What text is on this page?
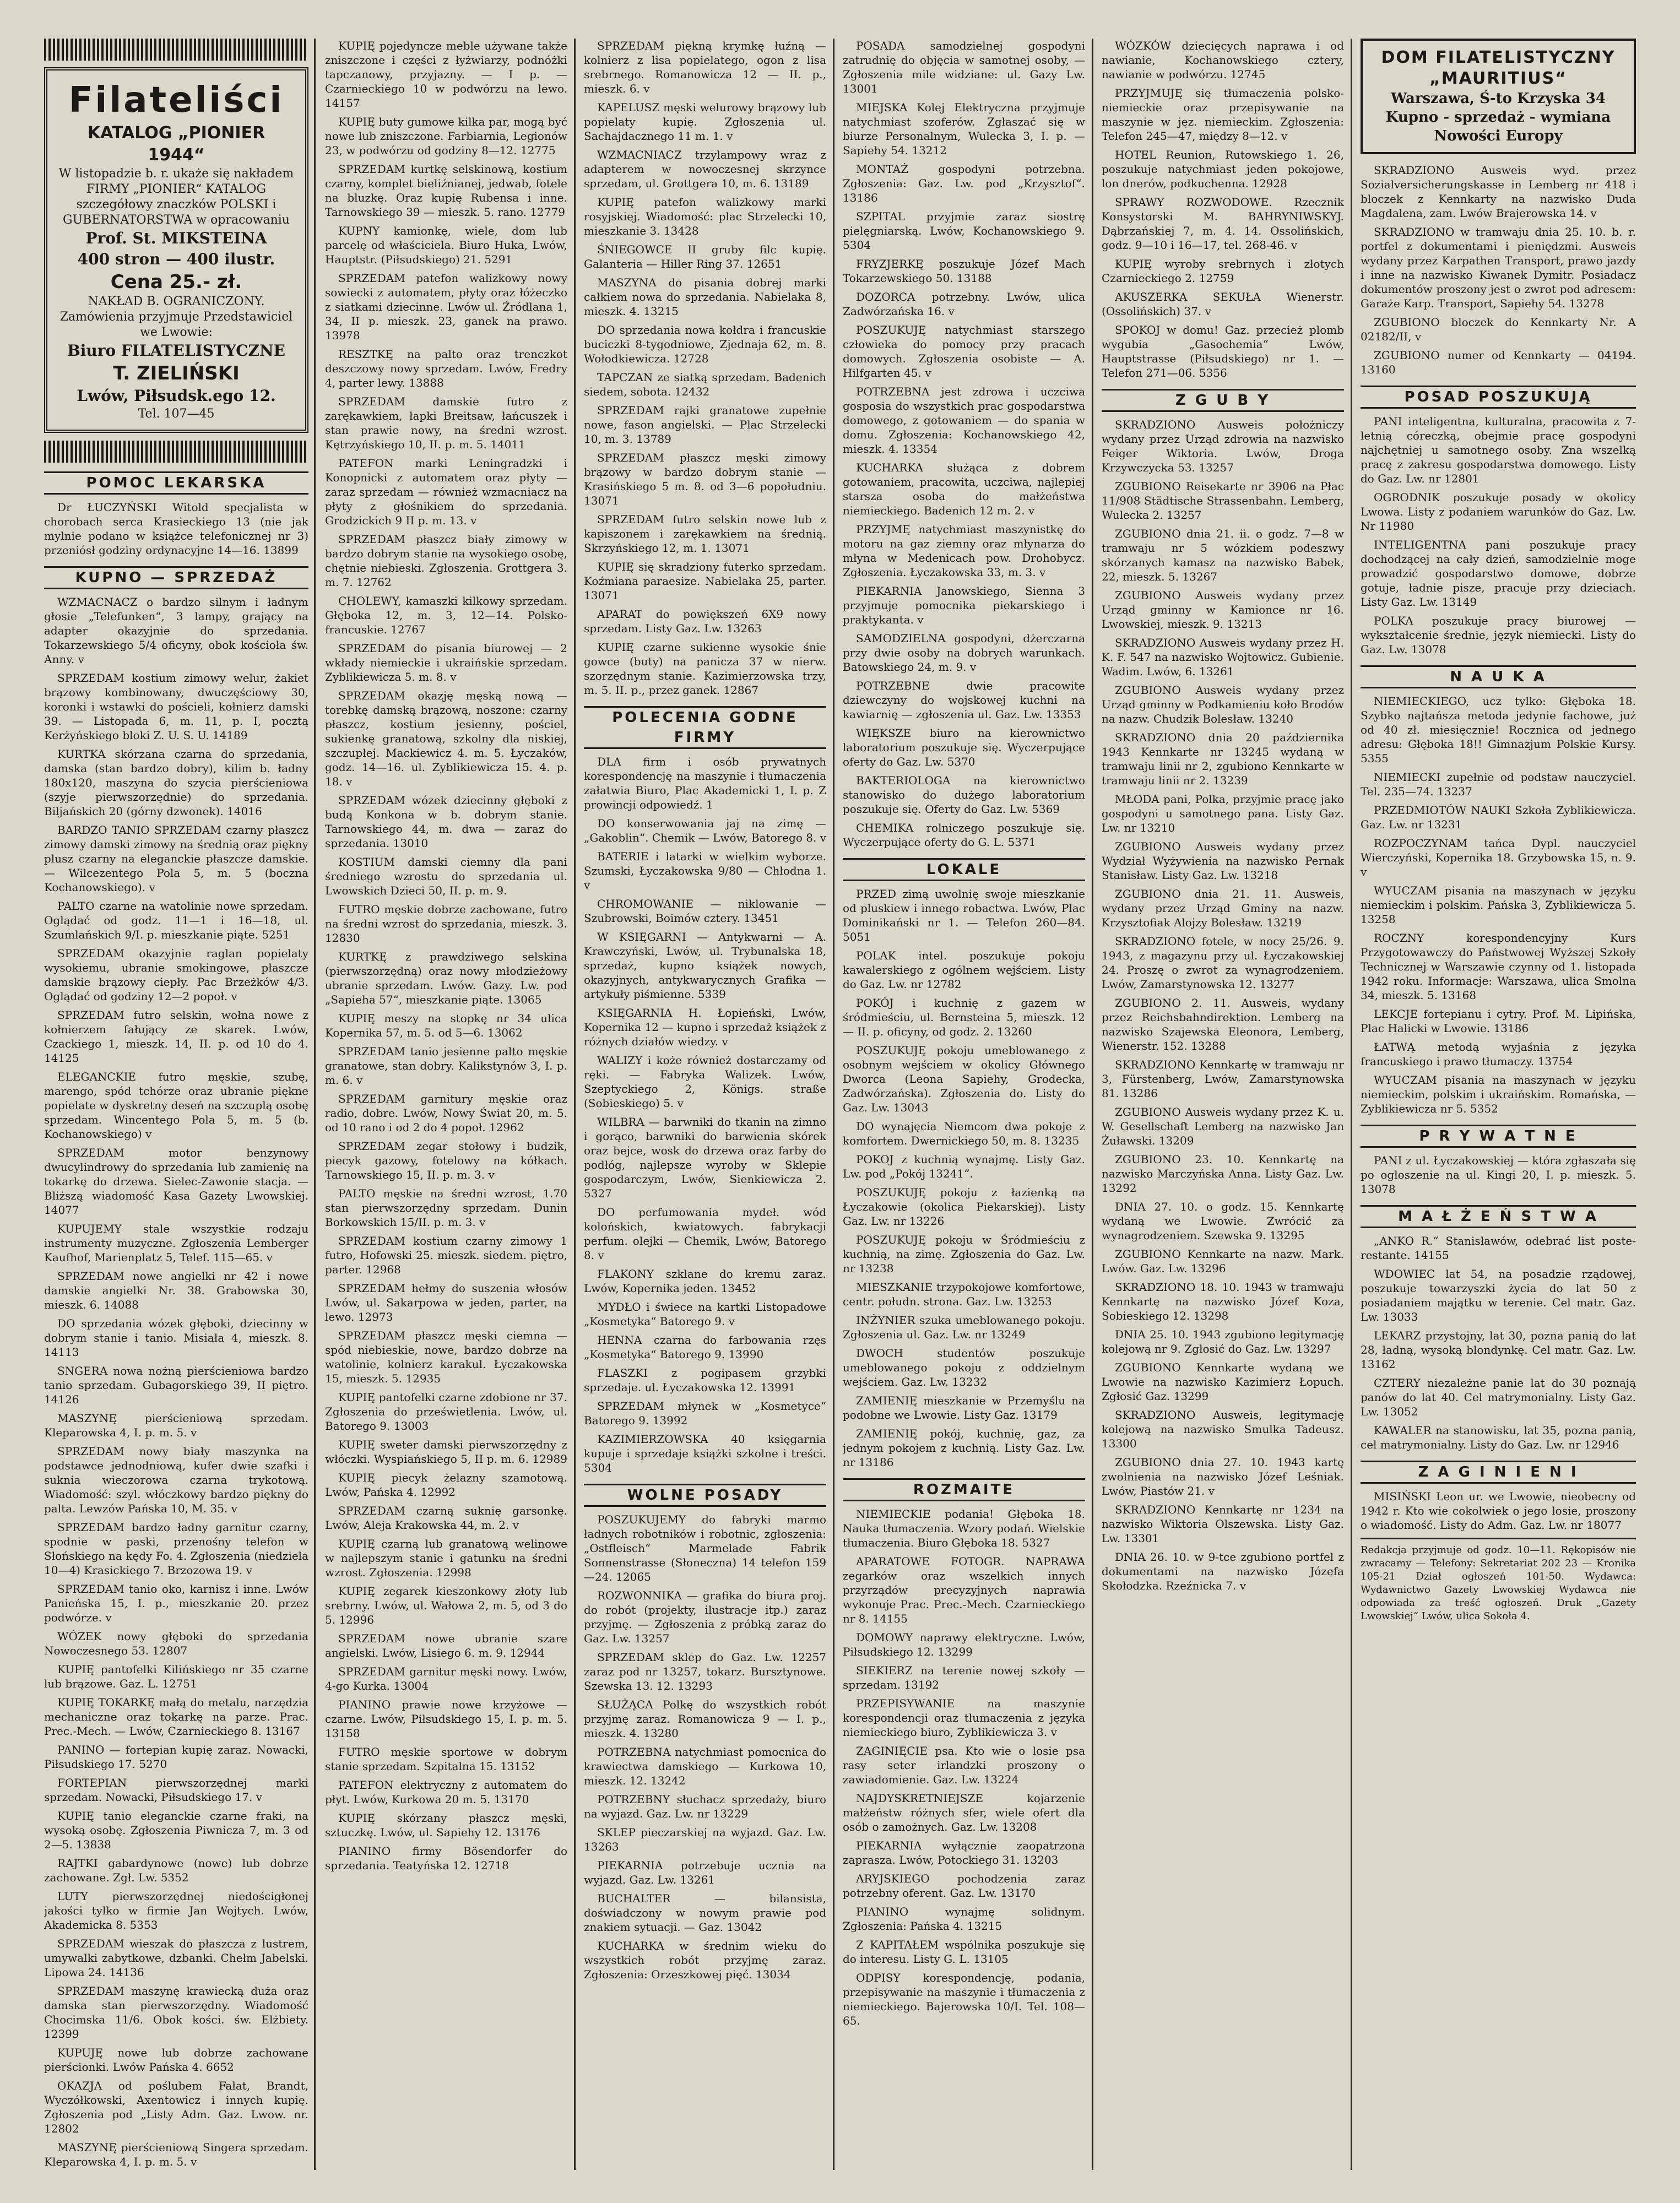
Filateliści
KATALOG „PIONIER 1944“
W listopadzie b. r. ukaże się nakładem FIRMY „PIONIER“ KATALOG szczegółowy znaczków POLSKI i GUBERNATORSTWA w opracowaniu
Prof. St. MIKSTEINA
400 stron — 400 ilustr.
Cena 25.- zł.
NAKŁAD B. OGRANICZONY. Zamówienia przyjmuje Przedstawiciel we Lwowie:
Biuro FILATELISTYCZNE
T. ZIELIŃSKI
Lwów, Piłsudsk.ego 12.
Tel. 107—45
POMOC LEKARSKA

Dr ŁUCZYŃSKI Witold specjalista w chorobach serca Krasieckiego 13 (nie jak mylnie podano w książce telefonicznej nr 3) przeniósł godziny ordynacyjne 14—16. 13899

KUPNO — SPRZEDAŻ

WZMACNACZ o bardzo silnym i ładnym głosie „Telefunken“, 3 lampy, grający na adapter okazyjnie do sprzedania. Tokarzewskiego 5/4 oficyny, obok kościoła św. Anny. v

SPRZEDAM kostium zimowy welur, żakiet brązowy kombinowany, dwuczęściowy 30, koronki i wstawki do pościeli, kołnierz damski 39. — Listopada 6, m. 11, p. I, pocztą Kerżyńskiego bloki Z. U. S. U. 14189

KURTKA skórzana czarna do sprzedania, damska (stan bardzo dobry), kilim b. ładny 180x120, maszyna do szycia pierścieniowa (szyje pierwszorzędnie) do sprzedania. Biljańskich 20 (górny dzwonek). 14016

BARDZO TANIO SPRZEDAM czarny płaszcz zimowy damski zimowy na średnią oraz piękny plusz czarny na eleganckie płaszcze damskie. — Wilcezentego Pola 5, m. 5 (boczna Kochanowskiego). v

PALTO czarne na watolinie nowe sprzedam. Oglądać od godz. 11—1 i 16—18, ul. Szumlańskich 9/I. p. mieszkanie piąte. 5251

SPRZEDAM okazyjnie raglan popielaty wysokiemu, ubranie smokingowe, płaszcze damskie brązowy ciepły. Pac Brzeżków 4/3. Oglądać od godziny 12—2 popoł. v

SPRZEDAM futro selskin, wołna nowe z kołnierzem fałujący ze skarek. Lwów, Czackiego 1, mieszk. 14, II. p. od 10 do 4. 14125

ELEGANCKIE futro męskie, szubę, marengo, spód tchórze oraz ubranie piękne popielate w dyskretny deseń na szczuplą osobę sprzedam. Wincentego Pola 5, m. 5 (b. Kochanowskiego) v

SPRZEDAM motor benzynowy dwucylindrowy do sprzedania lub zamienię na tokarkę do drzewa. Sielec-Zawonie stacja. — Bliższą wiadomość Kasa Gazety Lwowskiej. 14077

KUPUJEMY stale wszystkie rodzaju instrumenty muzyczne. Zgłoszenia Lemberger Kaufhof, Marienplatz 5, Telef. 115—65. v

SPRZEDAM nowe angielki nr 42 i nowe damskie angielki Nr. 38. Grabowska 30, mieszk. 6. 14088

DO sprzedania wózek głęboki, dziecinny w dobrym stanie i tanio. Misiała 4, mieszk. 8. 14113

SNGERA nowa nożną pierścieniowa bardzo tanio sprzedam. Gubagorskiego 39, II piętro. 14126

MASZYNĘ pierścieniową sprzedam. Kleparowska 4, I. p. m. 5. v

SPRZEDAM nowy biały maszynka na podstawce jednodniową, kufer dwie szafki i suknia wieczorowa czarna trykotową. Wiadomość: szyl. włóczkowy bardzo piękny do palta. Lewzów Pańska 10, M. 35. v

SPRZEDAM bardzo ładny garnitur czarny, spodnie w paski, przenośny telefon w Słońskiego na kędy Fo. 4. Zgłoszenia (niedziela 10—4) Krasickiego 7. Brzozowa 19. v

SPRZEDAM tanio oko, karnisz i inne. Lwów Panieńska 15, I. p., mieszkanie 20. przez podwórze. v

WÓZEK nowy głęboki do sprzedania Nowoczesnego 53. 12807

KUPIĘ pantofelki Kilińskiego nr 35 czarne lub brązowe. Gaz. L. 12751

KUPIĘ TOKARKĘ małą do metalu, narzędzia mechaniczne oraz tokarkę na parze. Prac. Prec.-Mech. — Lwów, Czarnieckiego 8. 13167

PANINO — fortepian kupię zaraz. Nowacki, Piłsudskiego 17. 5270

FORTEPIAN pierwszorzędnej marki sprzedam. Nowacki, Piłsudskiego 17. v

KUPIĘ tanio eleganckie czarne fraki, na wysoką osobę. Zgłoszenia Piwnicza 7, m. 3 od 2—5. 13838

RAJTKI gabardynowe (nowe) lub dobrze zachowane. Zgł. Lw. 5352

LUTY pierwszorzędnej niedościgłonej jakości tylko w firmie Jan Wojtych. Lwów, Akademicka 8. 5353

SPRZEDAM wieszak do płaszcza z lustrem, umywalki zabytkowe, dzbanki. Chełm Jabelski. Lipowa 24. 14136

SPRZEDAM maszynę krawiecką duża oraz damska stan pierwszorzędny. Wiadomość Chocimska 11/6. Obok kości. św. Elżbiety. 12399

KUPUJĘ nowe lub dobrze zachowane pierścionki. Lwów Pańska 4. 6652

OKAZJA od poślubem Fałat, Brandt, Wyczółkowski, Axentowicz i innych kupię. Zgłoszenia pod „Listy Adm. Gaz. Lwow. nr. 12802

MASZYNĘ pierścieniową Singera sprzedam. Kleparowska 4, I. p. m. 5. v

KUPIĘ pojedyncze meble używane także zniszczone i części z łyżwiarzy, podnóżki tapczanowy, przyjazny. — I p. — Czarnieckiego 10 w podwórzu na lewo. 14157

KUPIĘ buty gumowe kilka par, mogą być nowe lub zniszczone. Farbiarnia, Legionów 23, w podwórzu od godziny 8—12. 12775

SPRZEDAM kurtkę selskinową, kostium czarny, komplet bieliźnianej, jedwab, fotele na bluzkę. Oraz kupię Rubensa i inne. Tarnowskiego 39 — mieszk. 5. rano. 12779

KUPNY kamionkę, wiele, dom lub parcelę od właściciela. Biuro Huka, Lwów, Hauptstr. (Piłsudskiego) 21. 5291

SPRZEDAM patefon walizkowy nowy sowiecki z automatem, płyty oraz łóżeczko z siatkami dziecinne. Lwów ul. Źródlana 1, 34, II p. mieszk. 23, ganek na prawo. 13978

RESZTKĘ na palto oraz trenczkot deszczowy nowy sprzedam. Lwów, Fredry 4, parter lewy. 13888

SPRZEDAM damskie futro z zarękawkiem, łapki Breitsaw, łańcuszek i stan prawie nowy, na średni wzrost. Kętrzyńskiego 10, II. p. m. 5. 14011

PATEFON marki Leningradzki i Konopnicki z automatem oraz płyty — zaraz sprzedam — również wzmacniacz na płyty z głośnikiem do sprzedania. Grodzickich 9 II p. m. 13. v

SPRZEDAM płaszcz biały zimowy w bardzo dobrym stanie na wysokiego osobę, chętnie niebieski. Zgłoszenia. Grottgera 3. m. 7. 12762

CHOLEWY, kamaszki kilkowy sprzedam. Głęboka 12, m. 3, 12—14. Polsko-francuskie. 12767

SPRZEDAM do pisania biurowej — 2 wkłady niemieckie i ukraińskie sprzedam. Zyblikiewicza 5. m. 8. v

SPRZEDAM okazję męską nową — torebkę damską brązową, noszone: czarny płaszcz, kostium jesienny, pościel, sukienkę granatową, szkolny dla niskiej, szczupłej. Mackiewicz 4. m. 5. Łyczaków, godz. 14—16. ul. Zyblikiewicza 15. 4. p. 18. v

SPRZEDAM wózek dziecinny głęboki z budą Konkona w b. dobrym stanie. Tarnowskiego 44, m. dwa — zaraz do sprzedania. 13010

KOSTIUM damski ciemny dla pani średniego wzrostu do sprzedania ul. Lwowskich Dzieci 50, II. p. m. 9.

FUTRO męskie dobrze zachowane, futro na średni wzrost do sprzedania, mieszk. 3. 12830

KURTKĘ z prawdziwego selskina (pierwszorzędną) oraz nowy młodzieżowy ubranie sprzedam. Lwów. Gazy. Lw. pod „Sapieha 57“, mieszkanie piąte. 13065

KUPIĘ meszy na stopkę nr 34 ulica Kopernika 57, m. 5. od 5—6. 13062

SPRZEDAM tanio jesienne palto męskie granatowe, stan dobry. Kalikstynów 3, I. p. m. 6. v

SPRZEDAM garnitury męskie oraz radio, dobre. Lwów, Nowy Świat 20, m. 5. od 10 rano i od 2 do 4 popoł. 12962

SPRZEDAM zegar stołowy i budzik, piecyk gazowy, fotelowy na kółkach. Tarnowskiego 15, II. p. m. 3. v

PALTO męskie na średni wzrost, 1.70 stan pierwszorzędny sprzedam. Dunin Borkowskich 15/II. p. m. 3. v

SPRZEDAM kostium czarny zimowy 1 futro, Hofowski 25. mieszk. siedem. piętro, parter. 12968

SPRZEDAM hełmy do suszenia włosów Lwów, ul. Sakarpowa w jeden, parter, na lewo. 12973

SPRZEDAM płaszcz męski ciemna — spód niebieskie, nowe, bardzo dobrze na watolinie, kolnierz karakul. Łyczakowska 15, mieszk. 5. 12935

KUPIĘ pantofelki czarne zdobione nr 37. Zgłoszenia do prześwietlenia. Lwów, ul. Batorego 9. 13003

KUPIĘ sweter damski pierwszorzędny z włóczki. Wyspiańskiego 5, II p. m. 6. 12989

KUPIĘ piecyk żelazny szamotową. Lwów, Pańska 4. 12992

SPRZEDAM czarną suknię garsonkę. Lwów, Aleja Krakowska 44, m. 2. v

KUPIĘ czarną lub granatową welinowe w najlepszym stanie i gatunku na średni wzrost. Zgłoszenia. 12998

KUPIĘ zegarek kieszonkowy złoty lub srebrny. Lwów, ul. Wałowa 2, m. 5, od 3 do 5. 12996

SPRZEDAM nowe ubranie szare angielski. Lwów, Lisiego 6. m. 9. 12944

SPRZEDAM garnitur męski nowy. Lwów, 4-go Kurka. 13004

PIANINO prawie nowe krzyżowe — czarne. Lwów, Piłsudskiego 15, I. p. m. 5. 13158

FUTRO męskie sportowe w dobrym stanie sprzedam. Szpitalna 15. 13152

PATEFON elektryczny z automatem do płyt. Lwów, Kurkowa 20 m. 5. 13170

KUPIĘ skórzany płaszcz męski, sztuczkę. Lwów, ul. Sapiehy 12. 13176

PIANINO firmy Bösendorfer do sprzedania. Teatyńska 12. 12718

SPRZEDAM piękną krymkę łuźną — kolnierz z lisa popielatego, ogon z lisa srebrnego. Romanowicza 12 — II. p., mieszk. 6. v

KAPELUSZ męski welurowy brązowy lub popielaty kupię. Zgłoszenia ul. Sachajdacznego 11 m. 1. v

WZMACNIACZ trzylampowy wraz z adapterem w nowoczesnej skrzynce sprzedam, ul. Grottgera 10, m. 6. 13189

KUPIĘ patefon walizkowy marki rosyjskiej. Wiadomość: plac Strzelecki 10, mieszkanie 3. 13428

ŚNIEGOWCE II gruby filc kupię. Galanteria — Hiller Ring 37. 12651

MASZYNA do pisania dobrej marki całkiem nowa do sprzedania. Nabielaka 8, mieszk. 4. 13215

DO sprzedania nowa kołdra i francuskie buciczki 8-tygodniowe, Zjednaja 62, m. 8. Wołodkiewicza. 12728

TAPCZAN ze siatką sprzedam. Badenich siedem, sobota. 12432

SPRZEDAM rajki granatowe zupełnie nowe, fason angielski. — Plac Strzelecki 10, m. 3. 13789

SPRZEDAM płaszcz męski zimowy brązowy w bardzo dobrym stanie — Krasińskiego 5 m. 8. od 3—6 popołudniu. 13071

SPRZEDAM futro selskin nowe lub z kapiszonem i zarękawkiem na średnią. Skrzyńskiego 12, m. 1. 13071

KUPIĘ się skradziony futerko sprzedam. Koźmiana paraesize. Nabielaka 25, parter. 13071

APARAT do powiększeń 6X9 nowy sprzedam. Listy Gaz. Lw. 13263

KUPIĘ czarne sukienne wysokie śnie gowce (buty) na panicza 37 w nierw. szorzędnym stanie. Kazimierzowska trzy, m. 5. II. p., przez ganek. 12867

POLECENIA GODNE FIRMY

DLA firm i osób prywatnych korespondencję na maszynie i tłumaczenia załatwia Biuro, Plac Akademicki 1, I. p. Z prowincji odpowiedź. 1

DO konserwowania jaj na zimę — „Gakoblin“. Chemik — Lwów, Batorego 8. v

BATERIE i latarki w wielkim wyborze. Szumski, Łyczakowska 9/80 — Chłodna 1. v

CHROMOWANIE — niklowanie — Szubrowski, Boimów cztery. 13451

W KSIĘGARNI — Antykwarni — A. Krawczyński, Lwów, ul. Trybunalska 18, sprzedaż, kupno książek nowych, okazyjnych, antykwarycznych Grafika — artykuły piśmienne. 5339

KSIĘGARNIA H. Łopieński, Lwów, Kopernika 12 — kupno i sprzedaż książek z różnych działów wiedzy. v

WALIZY i koże również dostarczamy od ręki. — Fabryka Walizek. Lwów, Szeptyckiego 2, Königs. straße (Sobieskiego) 5. v

WILBRA — barwniki do tkanin na zimno i gorąco, barwniki do barwienia skórek oraz bejce, wosk do drzewa oraz farby do podłóg, najlepsze wyroby w Sklepie gospodarczym, Lwów, Sienkiewicza 2. 5327

DO perfumowania mydeł. wód kolońskich, kwiatowych. fabrykacji perfum. olejki — Chemik, Lwów, Batorego 8. v

FLAKONY szklane do kremu zaraz. Lwów, Kopernika jeden. 13452

MYDŁO i świece na kartki Listopadowe „Kosmetyka“ Batorego 9. v

HENNA czarna do farbowania rzęs „Kosmetyka“ Batorego 9. 13990

FLASZKI z pogipasem grzybki sprzedaje. ul. Łyczakowska 12. 13991

SPRZEDAM młynek w „Kosmetyce“ Batorego 9. 13992

KAZIMIERZOWSKA 40 księgarnia kupuje i sprzedaje książki szkolne i treści. 5304

WOLNE POSADY

POSZUKUJEMY do fabryki marmo ładnych robotników i robotnic, zgłoszenia: „Ostfleisch“ Marmelade Fabrik Sonnenstrasse (Słoneczna) 14 telefon 159—24. 12065

ROZWONNIKA — grafika do biura proj. do robót (projekty, ilustracje itp.) zaraz przyjmę. — Zgłoszenia z próbką zaraz do Gaz. Lw. 13257

SPRZEDAM sklep do Gaz. Lw. 12257 zaraz pod nr 13257, tokarz. Bursztynowe. Szewska 13. 12. 13293

SŁUŻĄCA Polkę do wszystkich robót przyjmę zaraz. Romanowicza 9 — I. p., mieszk. 4. 13280

POTRZEBNA natychmiast pomocnica do krawiectwa damskiego — Kurkowa 10, mieszk. 12. 13242

POTRZEBNY słuchacz sprzedaży, biuro na wyjazd. Gaz. Lw. nr 13229

SKLEP pieczarskiej na wyjazd. Gaz. Lw. 13263

PIEKARNIA potrzebuje ucznia na wyjazd. Gaz. Lw. 13261

BUCHALTER — bilansista, doświadczony w nowym prawie pod znakiem sytuacji. — Gaz. 13042

KUCHARKA w średnim wieku do wszystkich robót przyjmę zaraz. Zgłoszenia: Orzeszkowej pięć. 13034

POSADA samodzielnej gospodyni zatrudnię do objęcia w samotnej osoby, — Zgłoszenia mile widziane: ul. Gazy Lw. 13001

MIEJSKA Kolej Elektryczna przyjmuje natychmiast szoferów. Zgłaszać się w biurze Personalnym, Wulecka 3, I. p. — Sapiehy 54. 13212

MONTAŻ gospodyni potrzebna. Zgłoszenia: Gaz. Lw. pod „Krzysztof“. 13186

SZPITAL przyjmie zaraz siostrę pielęgniarską. Lwów, Kochanowskiego 9. 5304

FRYZJERKĘ poszukuje Józef Mach Tokarzewskiego 50. 13188

DOZORCA potrzebny. Lwów, ulica Zadwórzańska 16. v

POSZUKUJĘ natychmiast starszego człowieka do pomocy przy pracach domowych. Zgłoszenia osobiste — A. Hilfgarten 45. v

POTRZEBNA jest zdrowa i uczciwa gosposia do wszystkich prac gospodarstwa domowego, z gotowaniem — do spania w domu. Zgłoszenia: Kochanowskiego 42, mieszk. 4. 13354

KUCHARKA służąca z dobrem gotowaniem, pracowita, uczciwa, najlepiej starsza osoba do małżeństwa niemieckiego. Badenich 12 m. 2. v

PRZYJMĘ natychmiast maszynistkę do motoru na gaz ziemny oraz młynarza do młyna w Medenicach pow. Drohobycz. Zgłoszenia. Łyczakowska 33, m. 3. v

PIEKARNIA Janowskiego, Sienna 3 przyjmuje pomocnika piekarskiego i praktykanta. v

SAMODZIELNA gospodyni, dżerczarna przy dwie osoby na dobrych warunkach. Batowskiego 24, m. 9. v

POTRZEBNE dwie pracowite dziewczyny do wojskowej kuchni na kawiarnię — zgłoszenia ul. Gaz. Lw. 13353

WIĘKSZE biuro na kierownictwo laboratorium poszukuje się. Wyczerpujące oferty do Gaz. Lw. 5370

BAKTERIOLOGA na kierownictwo stanowisko do dużego laboratorium poszukuje się. Oferty do Gaz. Lw. 5369

CHEMIKA rolniczego poszukuje się. Wyczerpujące oferty do G. L. 5371

LOKALE

PRZED zimą uwolnię swoje mieszkanie od pluskiew i innego robactwa. Lwów, Plac Dominikański nr 1. — Telefon 260—84. 5051

POLAK intel. poszukuje pokoju kawalerskiego z ogólnem wejściem. Listy do Gaz. Lw. nr 12782

POKÓJ i kuchnię z gazem w śródmieściu, ul. Bernsteina 5, mieszk. 12 — II. p. oficyny, od godz. 2. 13260

POSZUKUJĘ pokoju umeblowanego z osobnym wejściem w okolicy Głównego Dworca (Leona Sapiehy, Grodecka, Zadwórzańska). Zgłoszenia do. Listy do Gaz. Lw. 13043

DO wynajęcia Niemcom dwa pokoje z komfortem. Dwernickiego 50, m. 8. 13235

POKOJ z kuchnią wynajmę. Listy Gaz. Lw. pod „Pokój 13241“.

POSZUKUJĘ pokoju z łazienką na Łyczakowie (okolica Piekarskiej). Listy Gaz. Lw. nr 13226

POSZUKUJĘ pokoju w Śródmieściu z kuchnią, na zimę. Zgłoszenia do Gaz. Lw. nr 13238

MIESZKANIE trzypokojowe komfortowe, centr. połudn. strona. Gaz. Lw. 13253

INŻYNIER szuka umeblowanego pokoju. Zgłoszenia ul. Gaz. Lw. nr 13249

DWOCH studentów poszukuje umeblowanego pokoju z oddzielnym wejściem. Gaz. Lw. 13232

ZAMIENIĘ mieszkanie w Przemyślu na podobne we Lwowie. Listy Gaz. 13179

ZAMIENIĘ pokój, kuchnię, gaz, za jednym pokojem z kuchnią. Listy Gaz. Lw. nr 13186

ROZMAITE

NIEMIECKIE podania! Głęboka 18. Nauka tłumaczenia. Wzory podań. Wielskie tłumaczenia. Biuro Głęboka 18. 5327

APARATOWE FOTOGR. NAPRAWA zegarków oraz wszelkich innych przyrządów precyzyjnych naprawia wykonuje Prac. Prec.-Mech. Czarnieckiego nr 8. 14155

DOMOWY naprawy elektryczne. Lwów, Piłsudskiego 12. 13299

SIEKIERZ na terenie nowej szkoły — sprzedam. 13192

PRZEPISYWANIE na maszynie korespondencji oraz tłumaczenia z języka niemieckiego biuro, Zyblikiewicza 3. v

ZAGINIĘCIE psa. Kto wie o losie psa rasy seter irlandzki proszony o zawiadomienie. Gaz. Lw. 13224

NAJDYSKRETNIEJSZE kojarzenie małżeństw różnych sfer, wiele ofert dla osób o zamożnych. Gaz. Lw. 13208

PIEKARNIA wyłącznie zaopatrzona zaprasza. Lwów, Potockiego 31. 13203

ARYJSKIEGO pochodzenia zaraz potrzebny oferent. Gaz. Lw. 13170

PIANINO wynajmę solidnym. Zgłoszenia: Pańska 4. 13215

Z KAPITAŁEM wspólnika poszukuje się do interesu. Listy G. L. 13105

ODPISY korespondencję, podania, przepisywanie na maszynie i tłumaczenia z niemieckiego. Bajerowska 10/I. Tel. 108—65.

WÓZKÓW dziecięcych naprawa i od nawianie, Kochanowskiego cztery, nawianie w podwórzu. 12745

PRZYJMUJĘ się tłumaczenia polsko-niemieckie oraz przepisywanie na maszynie w jęz. niemieckim. Zgłoszenia: Telefon 245—47, między 8—12. v

HOTEL Reunion, Rutowskiego 1. 26, poszukuje natychmiast jeden pokojowe, lon dnerów, podkuchenna. 12928

SPRAWY ROZWODOWE. Rzecznik Konsystorski M. BAHRYNIWSKYJ. Dąbrzańskiej 7, m. 4. 14. Ossolińskich, godz. 9—10 i 16—17, tel. 268-46. v

KUPIĘ wyroby srebrnych i złotych Czarnieckiego 2. 12759

AKUSZERKA SEKUŁA Wienerstr. (Ossolińskich) 37. v

SPOKOJ w domu! Gaz. przecież plomb wygubia „Gasochemia“ Lwów, Hauptstrasse (Piłsudskiego) nr 1. — Telefon 271—06. 5356

Z G U B Y

SKRADZIONO Ausweis położniczy wydany przez Urząd zdrowia na nazwisko Feiger Wiktoria. Lwów, Droga Krzywczycka 53. 13257

ZGUBIONO Reisekarte nr 3906 na Płac 11/908 Städtische Strassenbahn. Lemberg, Wulecka 2. 13257

ZGUBIONO dnia 21. ii. o godz. 7—8 w tramwaju nr 5 wózkiem podeszwy skórzanych kamasz na nazwisko Babek, 22, mieszk. 5. 13267

ZGUBIONO Ausweis wydany przez Urząd gminny w Kamionce nr 16. Lwowskiej, mieszk. 9. 13213

SKRADZIONO Ausweis wydany przez H. K. F. 547 na nazwisko Wojtowicz. Gubienie. Wadim. Lwów, 6. 13261

ZGUBIONO Ausweis wydany przez Urząd gminny w Podkamieniu koło Brodów na nazw. Chudzik Bolesław. 13240

SKRADZIONO dnia 20 października 1943 Kennkarte nr 13245 wydaną w tramwaju linii nr 2, zgubiono Kennkarte w tramwaju linii nr 2. 13239

MŁODA pani, Polka, przyjmie pracę jako gospodyni u samotnego pana. Listy Gaz. Lw. nr 13210

ZGUBIONO Ausweis wydany przez Wydział Wyżywienia na nazwisko Pernak Stanisław. Listy Gaz. Lw. 13218

ZGUBIONO dnia 21. 11. Ausweis, wydany przez Urząd Gminy na nazw. Krzysztofiak Alojzy Bolesław. 13219

SKRADZIONO fotele, w nocy 25/26. 9. 1943, z magazynu przy ul. Łyczakowskiej 24. Proszę o zwrot za wynagrodzeniem. Lwów, Zamarstynowska 12. 13277

ZGUBIONO 2. 11. Ausweis, wydany przez Reichsbahndirektion. Lemberg na nazwisko Szajewska Eleonora, Lemberg, Wienerstr. 152. 13288

SKRADZIONO Kennkartę w tramwaju nr 3, Fürstenberg, Lwów, Zamarstynowska 81. 13286

ZGUBIONO Ausweis wydany przez K. u. W. Gesellschaft Lemberg na nazwisko Jan Żuławski. 13209

ZGUBIONO 23. 10. Kennkartę na nazwisko Marczyńska Anna. Listy Gaz. Lw. 13292

DNIA 27. 10. o godz. 15. Kennkartę wydaną we Lwowie. Zwrócić za wynagrodzeniem. Szewska 9. 13295

ZGUBIONO Kennkarte na nazw. Mark. Lwów. Gaz. Lw. 13296

SKRADZIONO 18. 10. 1943 w tramwaju Kennkartę na nazwisko Józef Koza, Sobieskiego 12. 13298

DNIA 25. 10. 1943 zgubiono legitymację kolejową nr 9. Zgłosić do Gaz. Lw. 13297

ZGUBIONO Kennkarte wydaną we Lwowie na nazwisko Kazimierz Łopuch. Zgłosić Gaz. 13299

SKRADZIONO Ausweis, legitymację kolejową na nazwisko Smulka Tadeusz. 13300

ZGUBIONO dnia 27. 10. 1943 kartę zwolnienia na nazwisko Józef Leśniak. Lwów, Piastów 21. v

SKRADZIONO Kennkartę nr 1234 na nazwisko Wiktoria Olszewska. Listy Gaz. Lw. 13301

DNIA 26. 10. w 9-tce zgubiono portfel z dokumentami na nazwisko Józefa Skołodzka. Rzeźnicka 7. v

DOM FILATELISTYCZNY
„MAURITIUS“
Warszawa, Ś-to Krzyska 34
Kupno - sprzedaż - wymiana
Nowości Europy

SKRADZIONO Ausweis wyd. przez Sozialversicherungskasse in Lemberg nr 418 i bloczek z Kennkarty na nazwisko Duda Magdalena, zam. Lwów Brajerowska 14. v

SKRADZIONO w tramwaju dnia 25. 10. b. r. portfel z dokumentami i pieniędzmi. Ausweis wydany przez Karpathen Transport, prawo jazdy i inne na nazwisko Kiwanek Dymitr. Posiadacz dokumentów proszony jest o zwrot pod adresem: Garaże Karp. Transport, Sapiehy 54. 13278

ZGUBIONO bloczek do Kennkarty Nr. A 02182/II, v

ZGUBIONO numer od Kennkarty — 04194. 13160

POSAD POSZUKUJĄ

PANI inteligentna, kulturalna, pracowita z 7-letnią córeczką, obejmie pracę gospodyni najchętniej u samotnego osoby. Zna wszelką pracę z zakresu gospodarstwa domowego. Listy do Gaz. Lw. nr 12801

OGRODNIK poszukuje posady w okolicy Lwowa. Listy z podaniem warunków do Gaz. Lw. Nr 11980

INTELIGENTNA pani poszukuje pracy dochodzącej na cały dzień, samodzielnie moge prowadzić gospodarstwo domowe, dobrze gotuje, ładnie pisze, pracuje przy dzieciach. Listy Gaz. Lw. 13149

POLKA poszukuje pracy biurowej — wykształcenie średnie, język niemiecki. Listy do Gaz. Lw. 13078

N A U K A

NIEMIECKIEGO, ucz tylko: Głęboka 18. Szybko najtańsza metoda jedynie fachowe, już od 40 zł. miesięcznie! Rocznica od jednego adresu: Głęboka 18!! Gimnazjum Polskie Kursy. 5355

NIEMIECKI zupełnie od podstaw nauczyciel. Tel. 235—74. 13237

PRZEDMIOTÓW NAUKI Szkoła Zyblikiewicza. Gaz. Lw. nr 13231

ROZPOCZYNAM tańca Dypl. nauczyciel Wierczyński, Kopernika 18. Grzybowska 15, n. 9. v

WYUCZAM pisania na maszynach w języku niemieckim i polskim. Pańska 3, Zyblikiewicza 5. 13258

ROCZNY korespondencyjny Kurs Przygotowawczy do Państwowej Wyższej Szkoły Technicznej w Warszawie czynny od 1. listopada 1942 roku. Informacje: Warszawa, ulica Smolna 34, mieszk. 5. 13168

LEKCJE fortepianu i cytry. Prof. M. Lipińska, Plac Halicki w Lwowie. 13186

ŁATWĄ metodą wyjaśnia z języka francuskiego i prawo tłumaczy. 13754

WYUCZAM pisania na maszynach w języku niemieckim, polskim i ukraińskim. Romańska, — Zyblikiewicza nr 5. 5352

P R Y W A T N E

PANI z ul. Łyczakowskiej — która zgłaszała się po ogłoszenie na ul. Kingi 20, I. p. mieszk. 5. 13078

M A Ł Ż E Ń S T W A

„ANKO R.“ Stanisławów, odebrać list poste-restante. 14155

WDOWIEC lat 54, na posadzie rządowej, poszukuje towarzyszki życia do lat 50 z posiadaniem majątku w terenie. Cel matr. Gaz. Lw. 13033

LEKARZ przystojny, lat 30, pozna panią do lat 28, ładną, wysoką blondynkę. Cel matr. Gaz. Lw. 13162

CZTERY niezależne panie lat do 30 poznają panów do lat 40. Cel matrymonialny. Listy Gaz. Lw. 13052

KAWALER na stanowisku, lat 35, pozna panią, cel matrymonialny. Listy do Gaz. Lw. nr 12946

Z A G I N I E N I

MISIŃSKI Leon ur. we Lwowie, nieobecny od 1942 r. Kto wie cokolwiek o jego losie, proszony o wiadomość. Listy do Adm. Gaz. Lw. nr 18077

Redakcja przyjmuje od godz. 10—11. Rękopisów nie zwracamy — Telefony: Sekretariat 202 23 — Kronika 105-21 Dział ogłoszeń 101-50. Wydawca: Wydawnictwo Gazety Lwowskiej Wydawca nie odpowiada za treść ogłoszeń. Druk „Gazety Lwowskiej“ Lwów, ulica Sokoła 4.
